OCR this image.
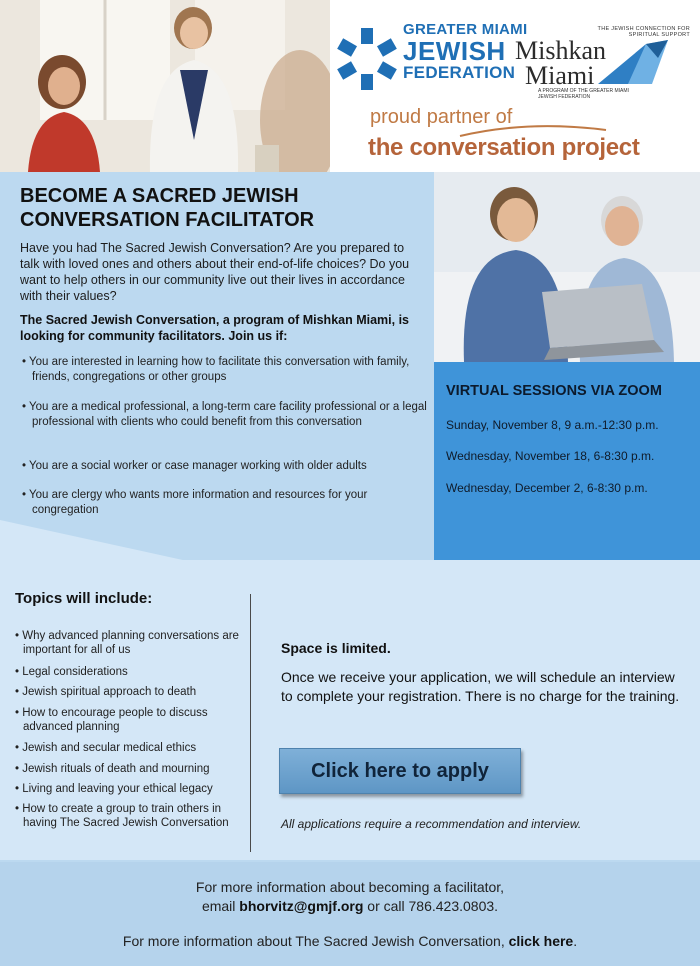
GREATER MIAMI
JEWISH
FEDERATION
THE JEWISH CONNECTION FOR SPIRITUAL SUPPORT
Mishkan
Miami
A PROGRAM OF THE GREATER MIAMI JEWISH FEDERATION
proud partner of
the conversation project
BECOME A SACRED JEWISH
CONVERSATION FACILITATOR
Have you had The Sacred Jewish Conversation? Are you prepared to talk with loved ones and others about their end-of-life choices? Do you want to help others in our community live out their lives in accordance with their values?
The Sacred Jewish Conversation, a program of Mishkan Miami, is looking for community facilitators. Join us if:
• You are interested in learning how to facilitate this conversation with family, friends, congregations or other groups
• You are a medical professional, a long-term care facility professional or a legal professional with clients who could benefit from this conversation
• You are a social worker or case manager working with older adults
• You are clergy who wants more information and resources for your congregation
VIRTUAL SESSIONS VIA ZOOM
Sunday, November 8, 9 a.m.-12:30 p.m.
Wednesday, November 18, 6-8:30 p.m.
Wednesday, December 2, 6-8:30 p.m.
Topics will include:
• Why advanced planning conversations are important for all of us
• Legal considerations
• Jewish spiritual approach to death
• How to encourage people to discuss advanced planning
• Jewish and secular medical ethics
• Jewish rituals of death and mourning
• Living and leaving your ethical legacy
• How to create a group to train others in having The Sacred Jewish Conversation
Space is limited.
Once we receive your application, we will schedule an interview to complete your registration. There is no charge for the training.
Click here to apply
All applications require a recommendation and interview.
For more information about becoming a facilitator,
email bhorvitz@gmjf.org or call 786.423.0803.
For more information about The Sacred Jewish Conversation, click here.
